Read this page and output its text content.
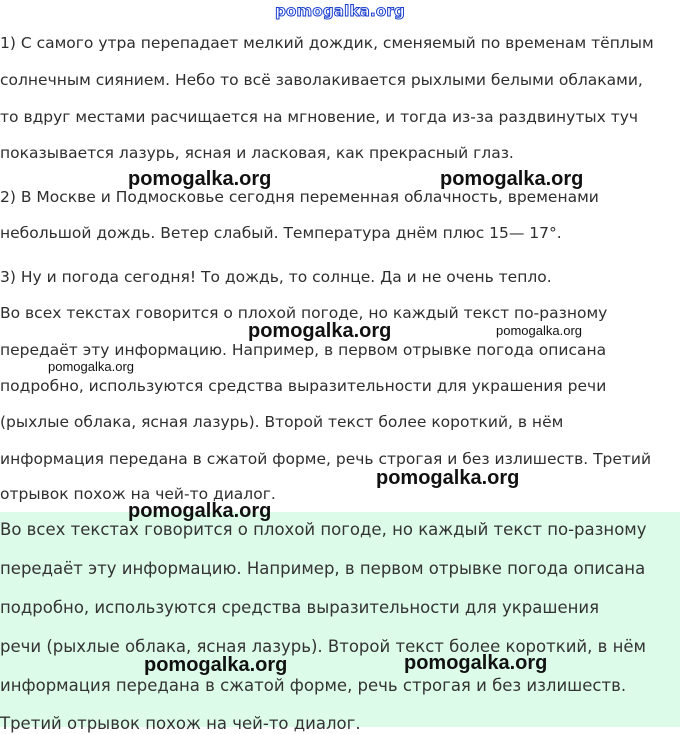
pomogalka.org
1) С самого утра перепадает мелкий дождик, сменяемый по временам тёплым
солнечным сиянием. Небо то всё заволакивается рыхлыми белыми облаками,
то вдруг местами расчищается на мгновение, и тогда из-за раздвинутых туч
показывается лазурь, ясная и ласковая, как прекрасный глаз.
2) В Москве и Подмосковье сегодня переменная облачность, временами
небольшой дождь. Ветер слабый. Температура днём плюс 15— 17°.
3) Ну и погода сегодня! То дождь, то солнце. Да и не очень тепло.
Во всех текстах говорится о плохой погоде, но каждый текст по-разному
передаёт эту информацию. Например, в первом отрывке погода описана
подробно, используются средства выразительности для украшения речи
(рыхлые облака, ясная лазурь). Второй текст более короткий, в нём
информация передана в сжатой форме, речь строгая и без излишеств. Третий
отрывок похож на чей-то диалог.
Во всех текстах говорится о плохой погоде, но каждый текст по-разному
передаёт эту информацию. Например, в первом отрывке погода описана
подробно, используются средства выразительности для украшения
речи (рыхлые облака, ясная лазурь). Второй текст более короткий, в нём
информация передана в сжатой форме, речь строгая и без излишеств.
Третий отрывок похож на чей-то диалог.
pomogalka.org	pomogalka.org
pomogalka.org	pomogalka.org
pomogalka.org
pomogalka.org
pomogalka.org
pomogalka.org	pomogalka.org
